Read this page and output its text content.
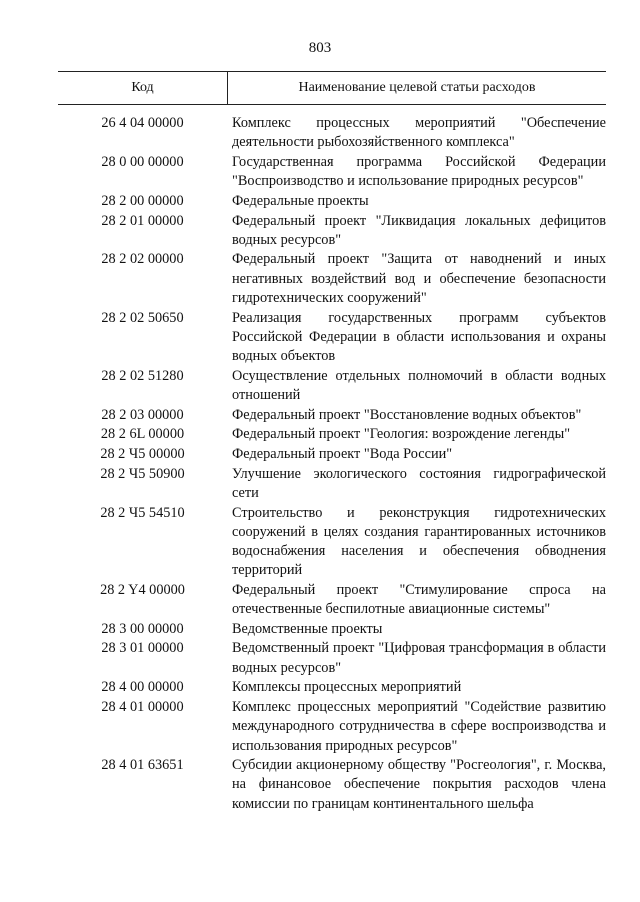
803
Код	Наименование целевой статьи расходов
26 4 04 00000	Комплекс процессных мероприятий "Обеспечение деятельности рыбохозяйственного комплекса"
28 0 00 00000	Государственная программа Российской Федерации "Воспроизводство и использование природных ресурсов"
28 2 00 00000	Федеральные проекты
28 2 01 00000	Федеральный проект "Ликвидация локальных дефицитов водных ресурсов"
28 2 02 00000	Федеральный проект "Защита от наводнений и иных негативных воздействий вод и обеспечение безопасности гидротехнических сооружений"
28 2 02 50650	Реализация государственных программ субъектов Российской Федерации в области использования и охраны водных объектов
28 2 02 51280	Осуществление отдельных полномочий в области водных отношений
28 2 03 00000	Федеральный проект "Восстановление водных объектов"
28 2 6L 00000	Федеральный проект "Геология: возрождение легенды"
28 2 Ч5 00000	Федеральный проект "Вода России"
28 2 Ч5 50900	Улучшение экологического состояния гидрографической сети
28 2 Ч5 54510	Строительство и реконструкция гидротехнических сооружений в целях создания гарантированных источников водоснабжения населения и обеспечения обводнения территорий
28 2 Y4 00000	Федеральный проект "Стимулирование спроса на отечественные беспилотные авиационные системы"
28 3 00 00000	Ведомственные проекты
28 3 01 00000	Ведомственный проект "Цифровая трансформация в области водных ресурсов"
28 4 00 00000	Комплексы процессных мероприятий
28 4 01 00000	Комплекс процессных мероприятий "Содействие развитию международного сотрудничества в сфере воспроизводства и использования природных ресурсов"
28 4 01 63651	Субсидии акционерному обществу "Росгеология", г. Москва, на финансовое обеспечение покрытия расходов члена комиссии по границам континентального шельфа
